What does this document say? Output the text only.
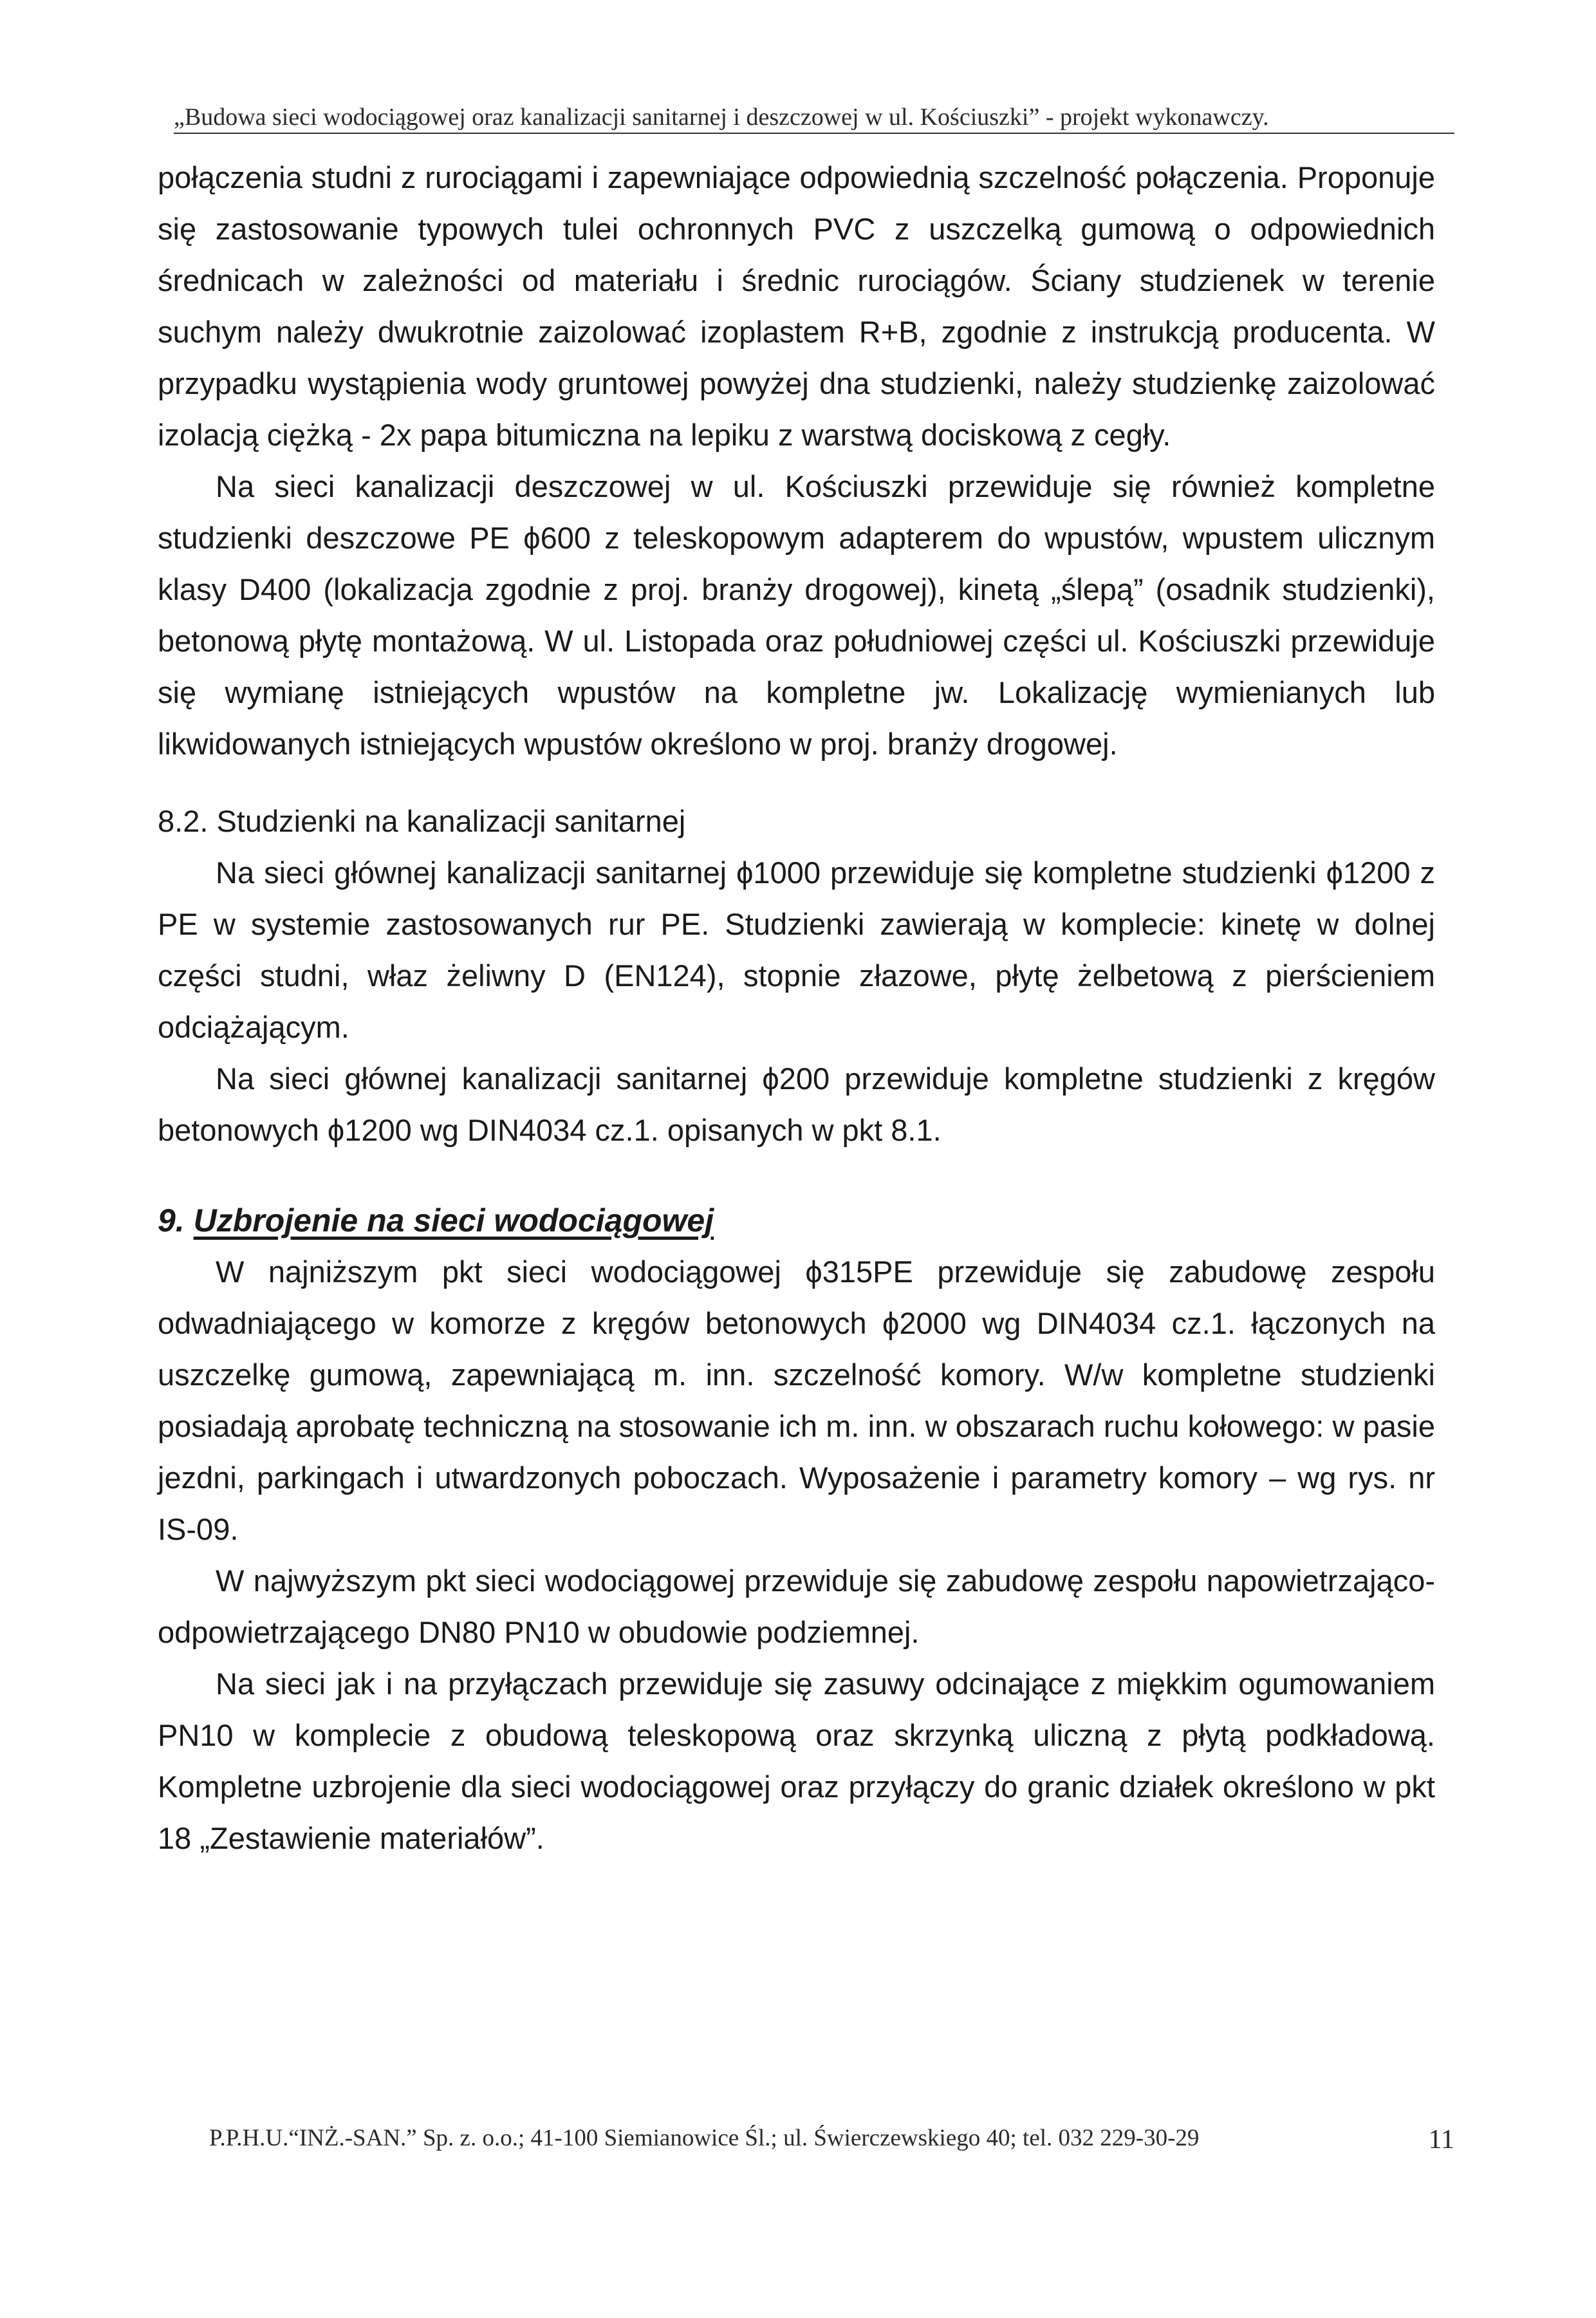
„Budowa sieci wodociągowej oraz kanalizacji sanitarnej i deszczowej w ul. Kościuszki” - projekt wykonawczy.

połączenia studni z rurociągami i zapewniające odpowiednią szczelność połączenia. Proponuje się zastosowanie typowych tulei ochronnych PVC z uszczelką gumową o odpowiednich średnicach w zależności od materiału i średnic rurociągów. Ściany studzienek w terenie suchym należy dwukrotnie zaizolować izoplastem R+B, zgodnie z instrukcją producenta. W przypadku wystąpienia wody gruntowej powyżej dna studzienki, należy studzienkę zaizolować izolacją ciężką - 2x papa bitumiczna na lepiku z warstwą dociskową z cegły.

Na sieci kanalizacji deszczowej w ul. Kościuszki przewiduje się również kompletne studzienki deszczowe PE ϕ600 z teleskopowym adapterem do wpustów, wpustem ulicznym klasy D400 (lokalizacja zgodnie z proj. branży drogowej), kinetą „ślepą” (osadnik studzienki), betonową płytę montażową. W ul. Listopada oraz południowej części ul. Kościuszki przewiduje się wymianę istniejących wpustów na kompletne jw. Lokalizację wymienianych lub likwidowanych istniejących wpustów określono w proj. branży drogowej.

8.2. Studzienki na kanalizacji sanitarnej

Na sieci głównej kanalizacji sanitarnej ϕ1000 przewiduje się kompletne studzienki ϕ1200 z PE w systemie zastosowanych rur PE. Studzienki zawierają w komplecie: kinetę w dolnej części studni, właz żeliwny D (EN124), stopnie złazowe, płytę żelbetową z pierścieniem odciążającym.

Na sieci głównej kanalizacji sanitarnej ϕ200 przewiduje kompletne studzienki z kręgów betonowych ϕ1200 wg DIN4034 cz.1. opisanych w pkt 8.1.

9. Uzbrojenie na sieci wodociągowej

W najniższym pkt sieci wodociągowej ϕ315PE przewiduje się zabudowę zespołu odwadniającego w komorze z kręgów betonowych ϕ2000 wg DIN4034 cz.1. łączonych na uszczelkę gumową, zapewniającą m. inn. szczelność komory. W/w kompletne studzienki posiadają aprobatę techniczną na stosowanie ich m. inn. w obszarach ruchu kołowego: w pasie jezdni, parkingach i utwardzonych poboczach. Wyposażenie i parametry komory – wg rys. nr IS-09.

W najwyższym pkt sieci wodociągowej przewiduje się zabudowę zespołu napowietrzająco-odpowietrzającego DN80 PN10 w obudowie podziemnej.

Na sieci jak i na przyłączach przewiduje się zasuwy odcinające z miękkim ogumowaniem PN10 w komplecie z obudową teleskopową oraz skrzynką uliczną z płytą podkładową. Kompletne uzbrojenie dla sieci wodociągowej oraz przyłączy do granic działek określono w pkt 18 „Zestawienie materiałów”.

P.P.H.U.“INŻ.-SAN.” Sp. z. o.o.; 41-100 Siemianowice Śl.; ul. Świerczewskiego 40; tel. 032 229-30-29	11
